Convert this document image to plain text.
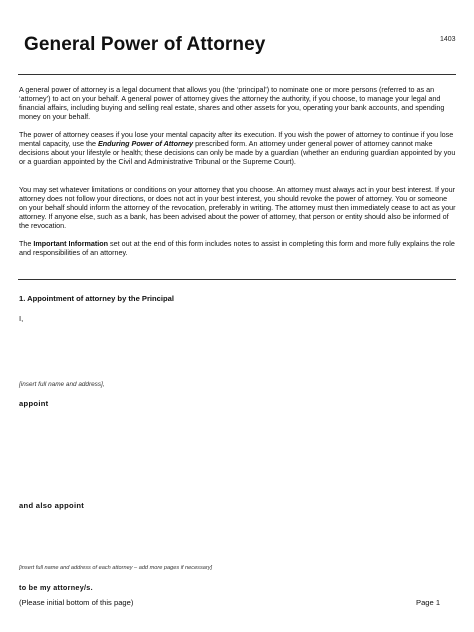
1403
General Power of Attorney

A general power of attorney is a legal document that allows you (the ‘principal’) to nominate one or more persons (referred to as an ‘attorney’) to act on your behalf. A general power of attorney gives the attorney the authority, if you choose, to manage your legal and financial affairs, including buying and selling real estate, shares and other assets for you, operating your bank accounts, and spending money on your behalf.

The power of attorney ceases if you lose your mental capacity after its execution. If you wish the power of attorney to continue if you lose mental capacity, use the Enduring Power of Attorney prescribed form. An attorney under general power of attorney cannot make decisions about your lifestyle or health; these decisions can only be made by a guardian (whether an enduring guardian appointed by you or a guardian appointed by the Civil and Administrative Tribunal or the Supreme Court).

You may set whatever limitations or conditions on your attorney that you choose. An attorney must always act in your best interest. If your attorney does not follow your directions, or does not act in your best interest, you should revoke the power of attorney. You or someone on your behalf should inform the attorney of the revocation, preferably in writing. The attorney must then immediately cease to act as your attorney. If anyone else, such as a bank, has been advised about the power of attorney, that person or entity should also be informed of the revocation.

The Important Information set out at the end of this form includes notes to assist in completing this form and more fully explains the role and responsibilities of an attorney.

1. Appointment of attorney by the Principal
I,
[insert full name and address],
appoint
and also appoint
[insert full name and address of each attorney – add more pages if necessary]
to be my attorney/s.
(Please initial bottom of this page)	Page 1
